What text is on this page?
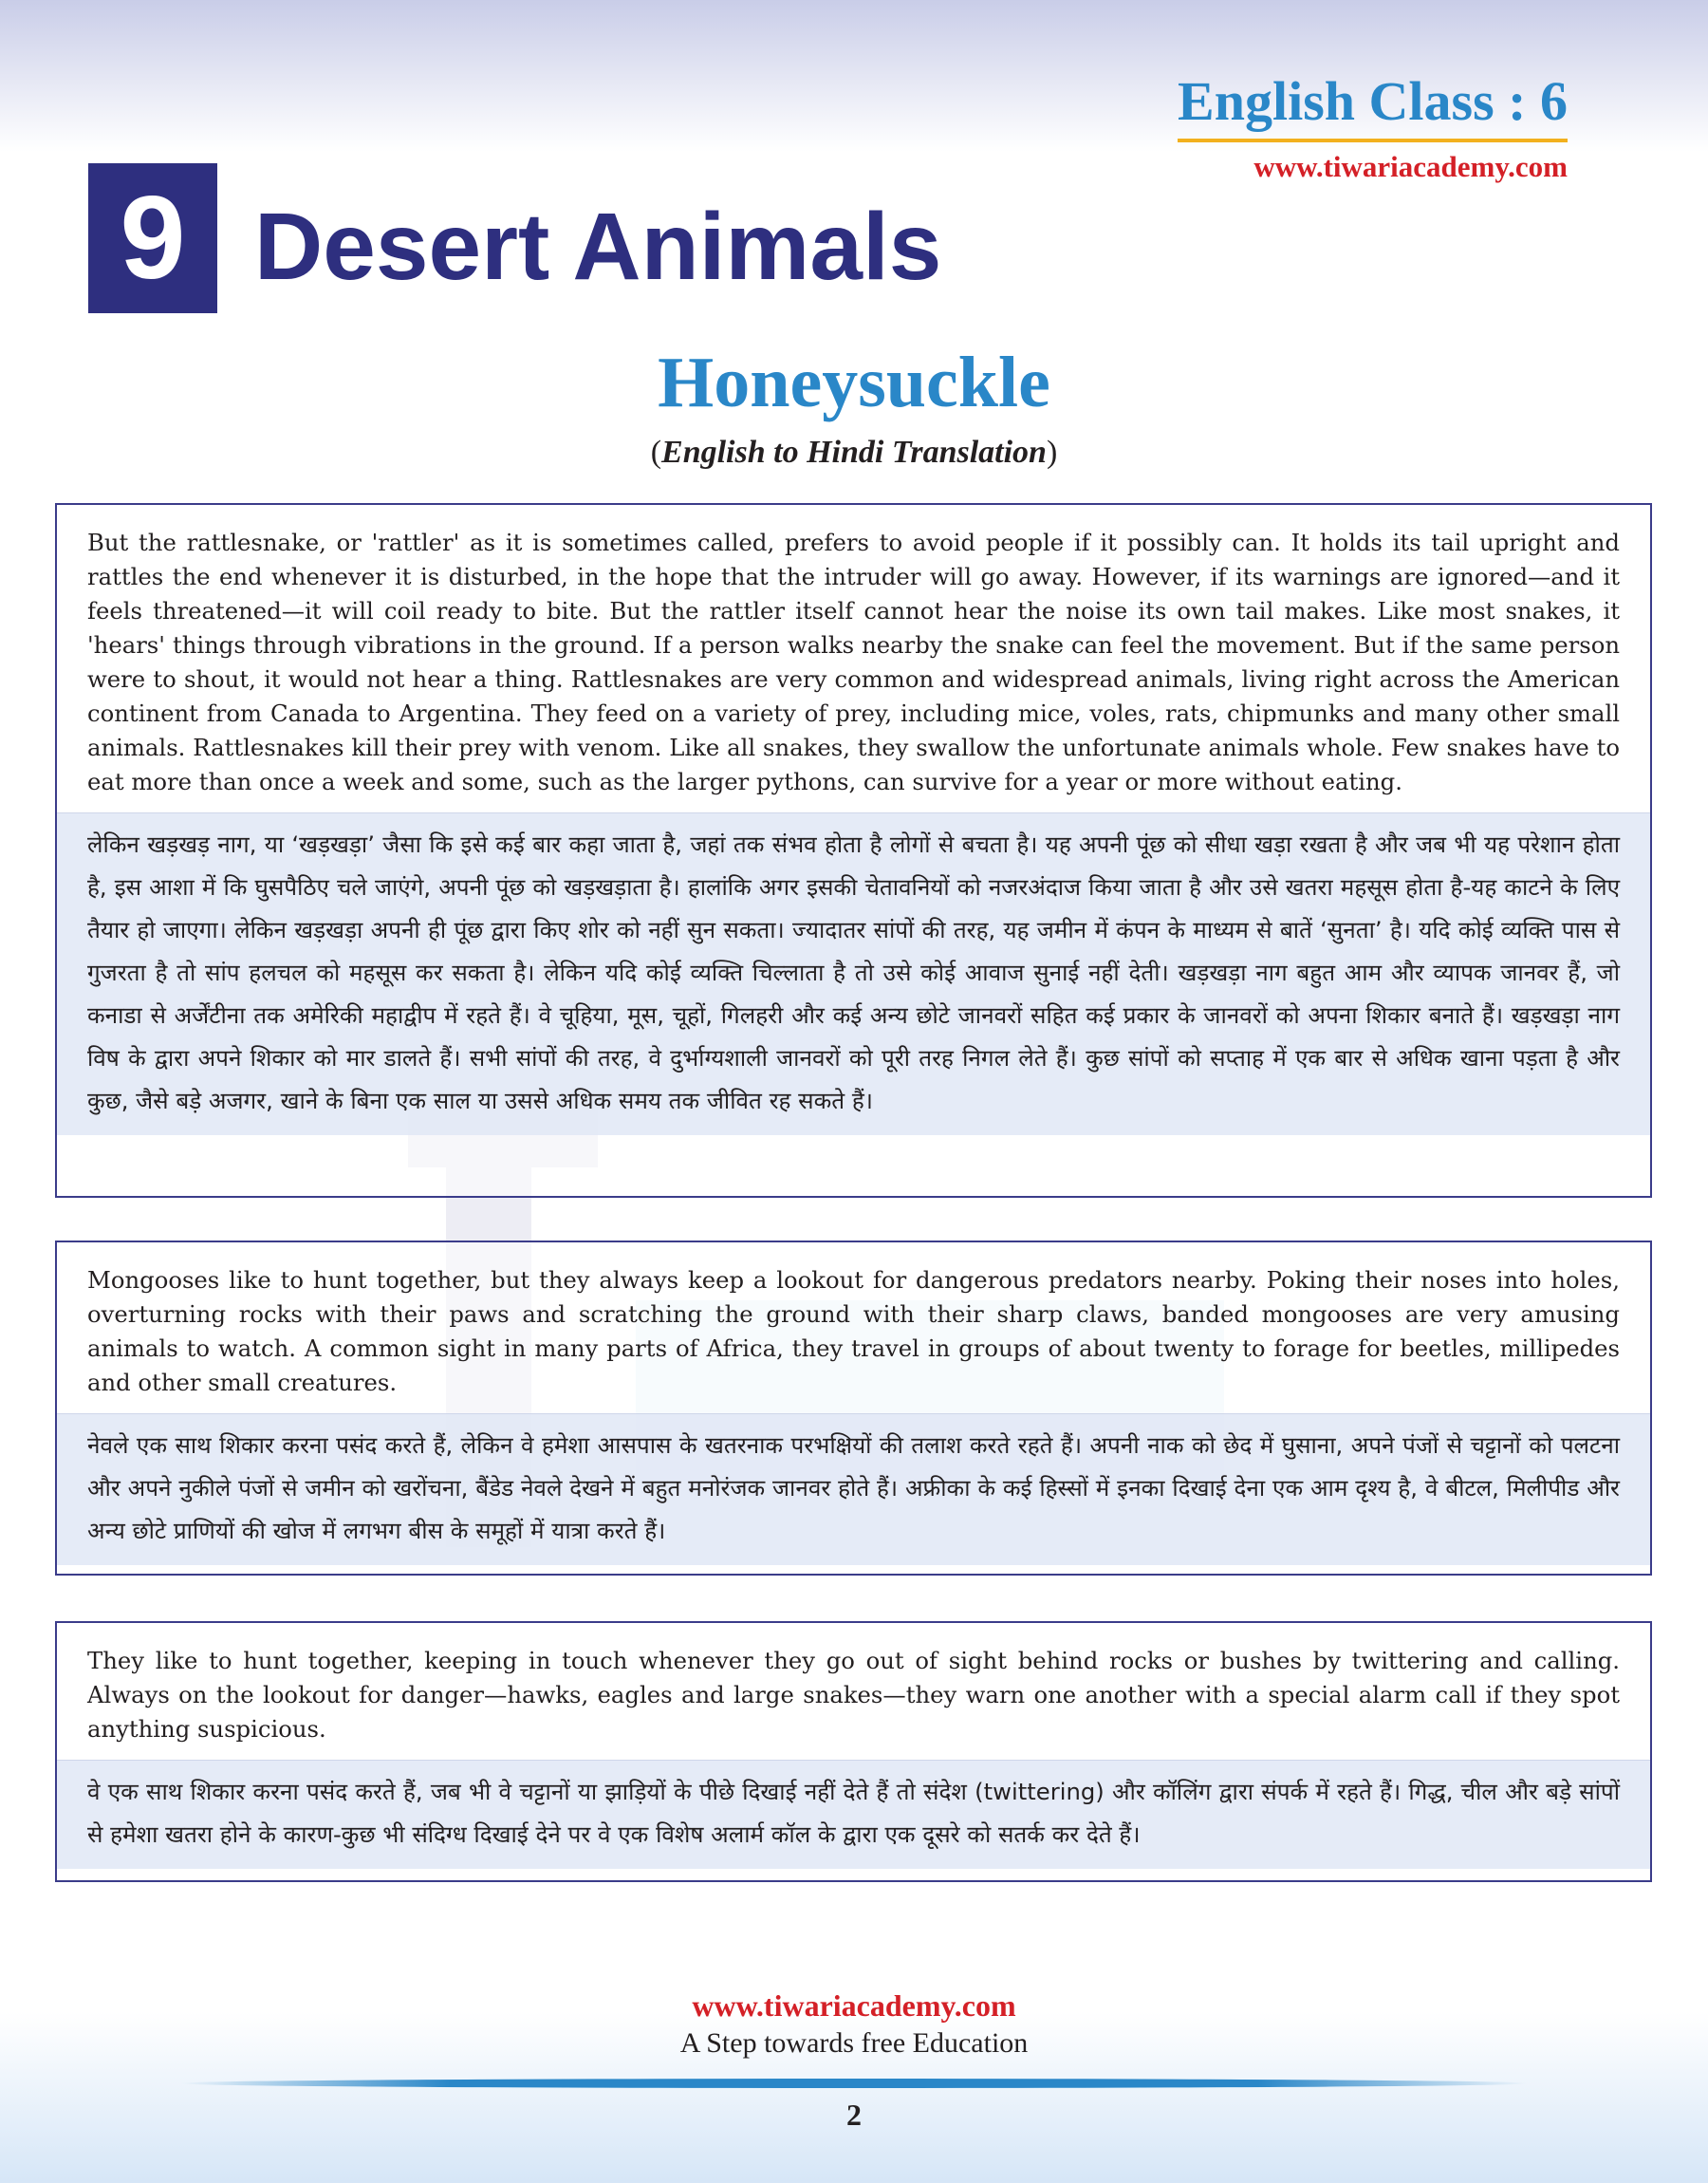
English Class : 6
www.tiwariacademy.com
9 Desert Animals
Honeysuckle
(English to Hindi Translation)
But the rattlesnake, or 'rattler' as it is sometimes called, prefers to avoid people if it possibly can. It holds its tail upright and rattles the end whenever it is disturbed, in the hope that the intruder will go away. However, if its warnings are ignored—and it feels threatened—it will coil ready to bite. But the rattler itself cannot hear the noise its own tail makes. Like most snakes, it 'hears' things through vibrations in the ground. If a person walks nearby the snake can feel the movement. But if the same person were to shout, it would not hear a thing. Rattlesnakes are very common and widespread animals, living right across the American continent from Canada to Argentina. They feed on a variety of prey, including mice, voles, rats, chipmunks and many other small animals. Rattlesnakes kill their prey with venom. Like all snakes, they swallow the unfortunate animals whole. Few snakes have to eat more than once a week and some, such as the larger pythons, can survive for a year or more without eating.
लेकिन खड़खड़ नाग, या ‘खड़खड़ा’ जैसा कि इसे कई बार कहा जाता है, जहां तक संभव होता है लोगों से बचता है। यह अपनी पूंछ को सीधा खड़ा रखता है और जब भी यह परेशान होता है, इस आशा में कि घुसपैठिए चले जाएंगे, अपनी पूंछ को खड़खड़ाता है। हालांकि अगर इसकी चेतावनियों को नजरअंदाज किया जाता है और उसे खतरा महसूस होता है-यह काटने के लिए तैयार हो जाएगा। लेकिन खड़खड़ा अपनी ही पूंछ द्वारा किए शोर को नहीं सुन सकता। ज्यादातर सांपों की तरह, यह जमीन में कंपन के माध्यम से बातें ‘सुनता’ है। यदि कोई व्यक्ति पास से गुजरता है तो सांप हलचल को महसूस कर सकता है। लेकिन यदि कोई व्यक्ति चिल्लाता है तो उसे कोई आवाज सुनाई नहीं देती। खड़खड़ा नाग बहुत आम और व्यापक जानवर हैं, जो कनाडा से अर्जेंटीना तक अमेरिकी महाद्वीप में रहते हैं। वे चूहिया, मूस, चूहों, गिलहरी और कई अन्य छोटे जानवरों सहित कई प्रकार के जानवरों को अपना शिकार बनाते हैं। खड़खड़ा नाग विष के द्वारा अपने शिकार को मार डालते हैं। सभी सांपों की तरह, वे दुर्भाग्यशाली जानवरों को पूरी तरह निगल लेते हैं। कुछ सांपों को सप्ताह में एक बार से अधिक खाना पड़ता है और कुछ, जैसे बड़े अजगर, खाने के बिना एक साल या उससे अधिक समय तक जीवित रह सकते हैं।
Mongooses like to hunt together, but they always keep a lookout for dangerous predators nearby. Poking their noses into holes, overturning rocks with their paws and scratching the ground with their sharp claws, banded mongooses are very amusing animals to watch. A common sight in many parts of Africa, they travel in groups of about twenty to forage for beetles, millipedes and other small creatures.
नेवले एक साथ शिकार करना पसंद करते हैं, लेकिन वे हमेशा आसपास के खतरनाक परभक्षियों की तलाश करते रहते हैं। अपनी नाक को छेद में घुसाना, अपने पंजों से चट्टानों को पलटना और अपने नुकीले पंजों से जमीन को खरोंचना, बैंडेड नेवले देखने में बहुत मनोरंजक जानवर होते हैं। अफ्रीका के कई हिस्सों में इनका दिखाई देना एक आम दृश्य है, वे बीटल, मिलीपीड और अन्य छोटे प्राणियों की खोज में लगभग बीस के समूहों में यात्रा करते हैं।
They like to hunt together, keeping in touch whenever they go out of sight behind rocks or bushes by twittering and calling. Always on the lookout for danger—hawks, eagles and large snakes—they warn one another with a special alarm call if they spot anything suspicious.
वे एक साथ शिकार करना पसंद करते हैं, जब भी वे चट्टानों या झाड़ियों के पीछे दिखाई नहीं देते हैं तो संदेश (twittering) और कॉलिंग द्वारा संपर्क में रहते हैं। गिद्ध, चील और बड़े सांपों से हमेशा खतरा होने के कारण-कुछ भी संदिग्ध दिखाई देने पर वे एक विशेष अलार्म कॉल के द्वारा एक दूसरे को सतर्क कर देते हैं।
www.tiwariacademy.com
A Step towards free Education
2
